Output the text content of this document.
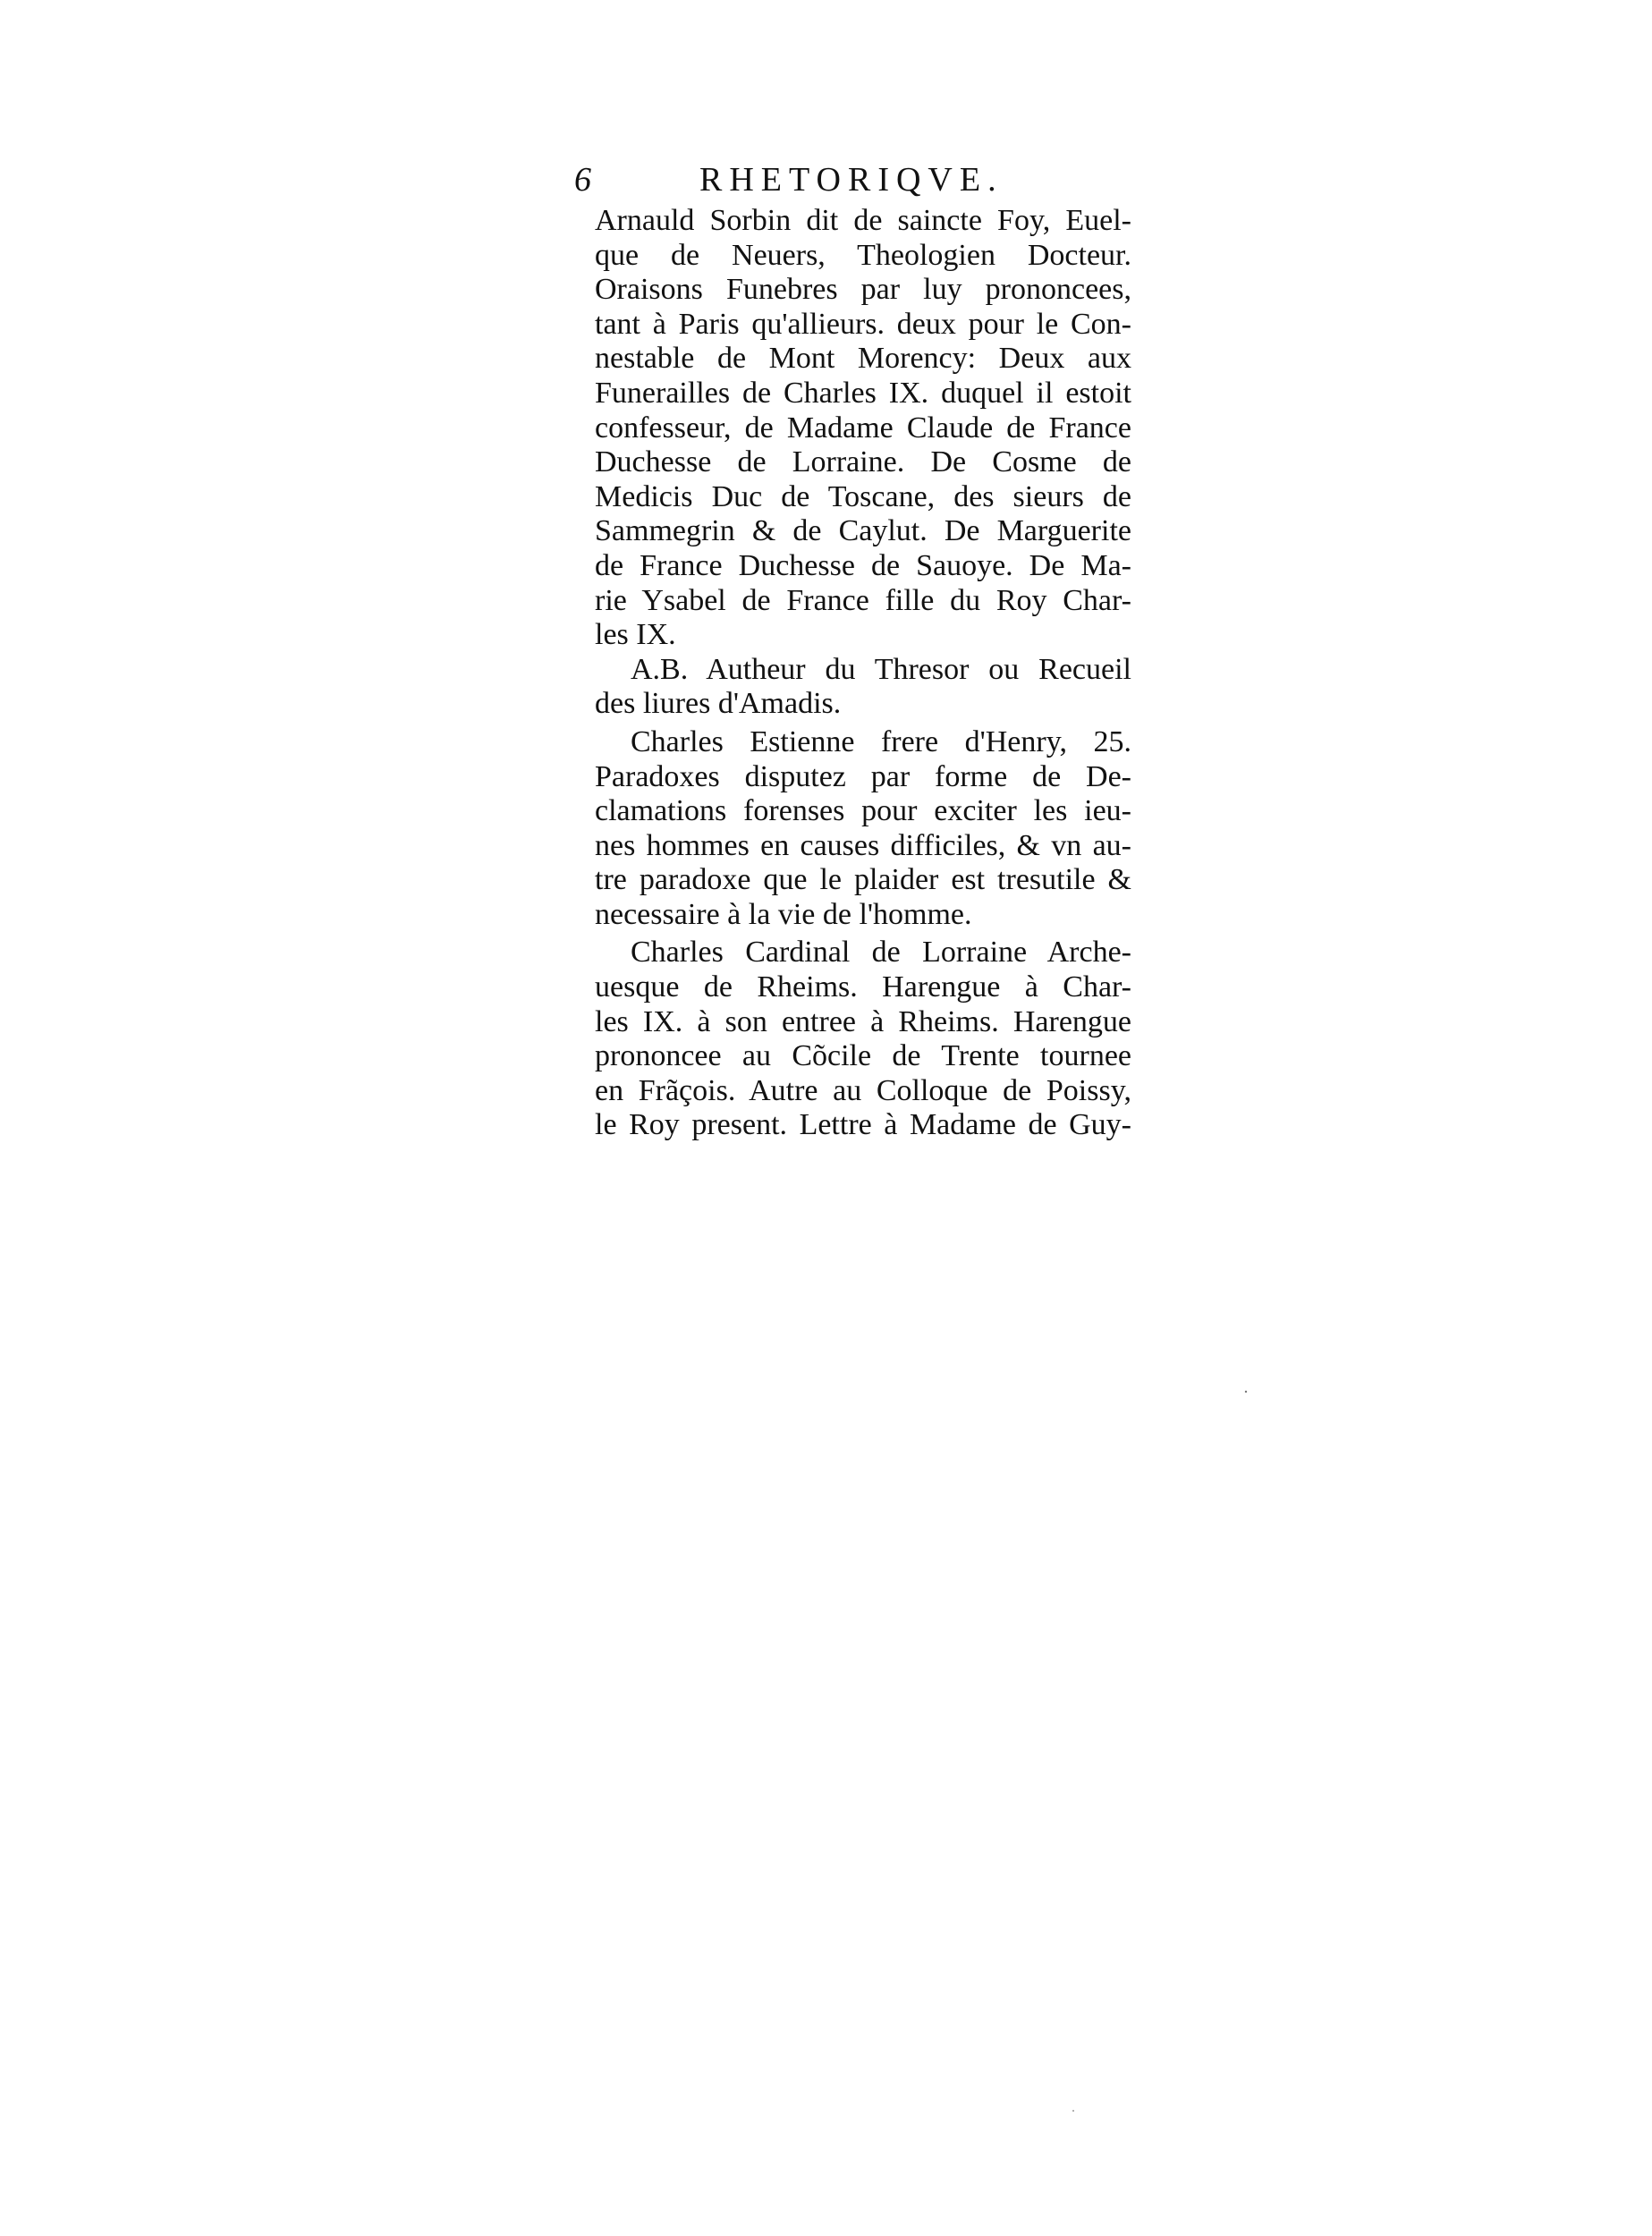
6	RHETORIQVE.
Arnauld Sorbin dit de saincte Foy, Euel-
que de Neuers, Theologien Docteur.
Oraisons Funebres par luy prononcees,
tant à Paris qu'allieurs. deux pour le Con-
nestable de Mont Morency: Deux aux
Funerailles de Charles IX. duquel il estoit
confesseur, de Madame Claude de France
Duchesse de Lorraine. De Cosme de
Medicis Duc de Toscane, des sieurs de
Sammegrin & de Caylut. De Marguerite
de France Duchesse de Sauoye. De Ma-
rie Ysabel de France fille du Roy Char-
les IX.
A.B. Autheur du Thresor ou Recueil
des liures d'Amadis.
Charles Estienne frere d'Henry, 25.
Paradoxes disputez par forme de De-
clamations forenses pour exciter les ieu-
nes hommes en causes difficiles, & vn au-
tre paradoxe que le plaider est tresutile &
necessaire à la vie de l'homme.
Charles Cardinal de Lorraine Arche-
uesque de Rheims. Harengue à Char-
les IX. à son entree à Rheims. Harengue
prononcee au Cõcile de Trente tournee
en Frãçois. Autre au Colloque de Poissy,
le Roy present. Lettre à Madame de Guy-
